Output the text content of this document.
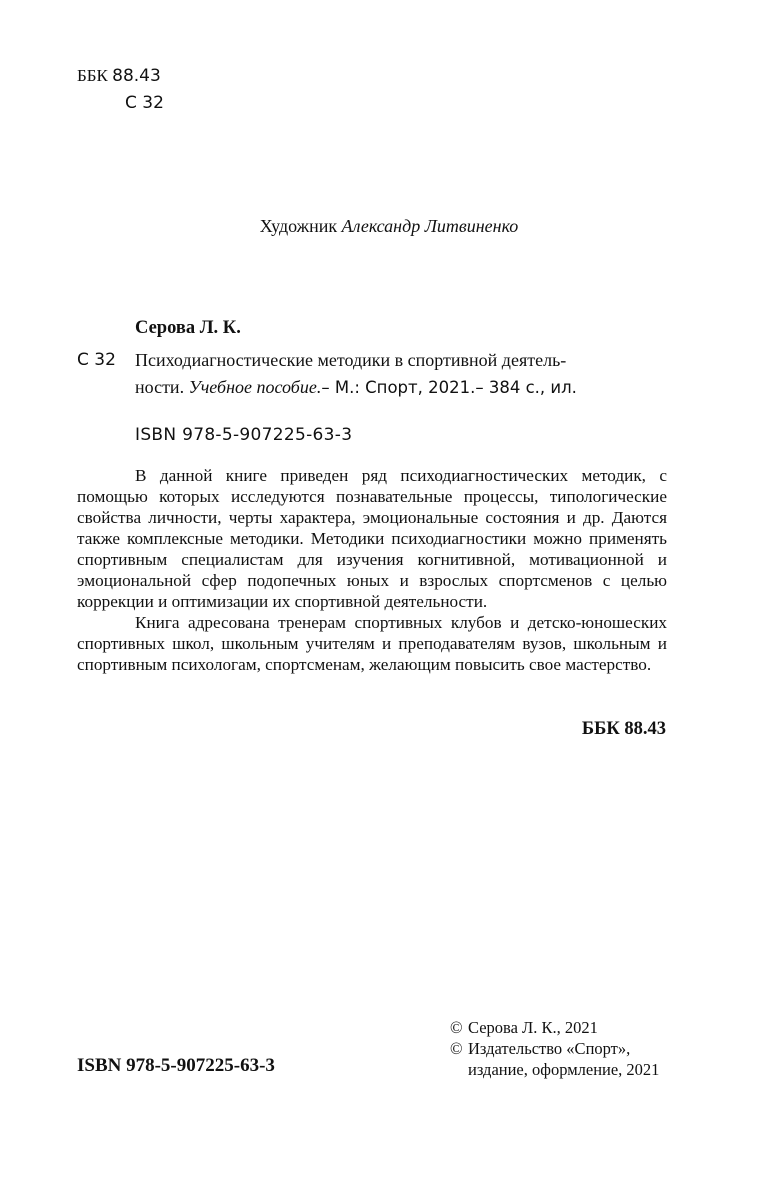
ББК 88.43
С 32
Художник Александр Литвиненко
Серова Л. К.
С 32 Психодиагностические методики в спортивной деятель-
ности. Учебное пособие.– М.: Спорт, 2021.– 384 с., ил.
ISBN 978-5-907225-63-3

В данной книге приведен ряд психодиагностических методик, с помощью которых исследуются познавательные процессы, типологические свойства личности, черты характера, эмоциональные состояния и др. Даются также комплексные методики. Методики психодиагностики можно применять спортивным специалистам для изучения когнитивной, мотивационной и эмоциональной сфер подопечных юных и взрослых спортсменов с целью коррекции и оптимизации их спортивной деятельности.

Книга адресована тренерам спортивных клубов и детско-юношеских спортивных школ, школьным учителям и преподавателям вузов, школьным и спортивным психологам, спортсменам, желающим повысить свое мастерство.

ББК 88.43
© Серова Л. К., 2021
© Издательство «Спорт»,
издание, оформление, 2021
ISBN 978-5-907225-63-3
